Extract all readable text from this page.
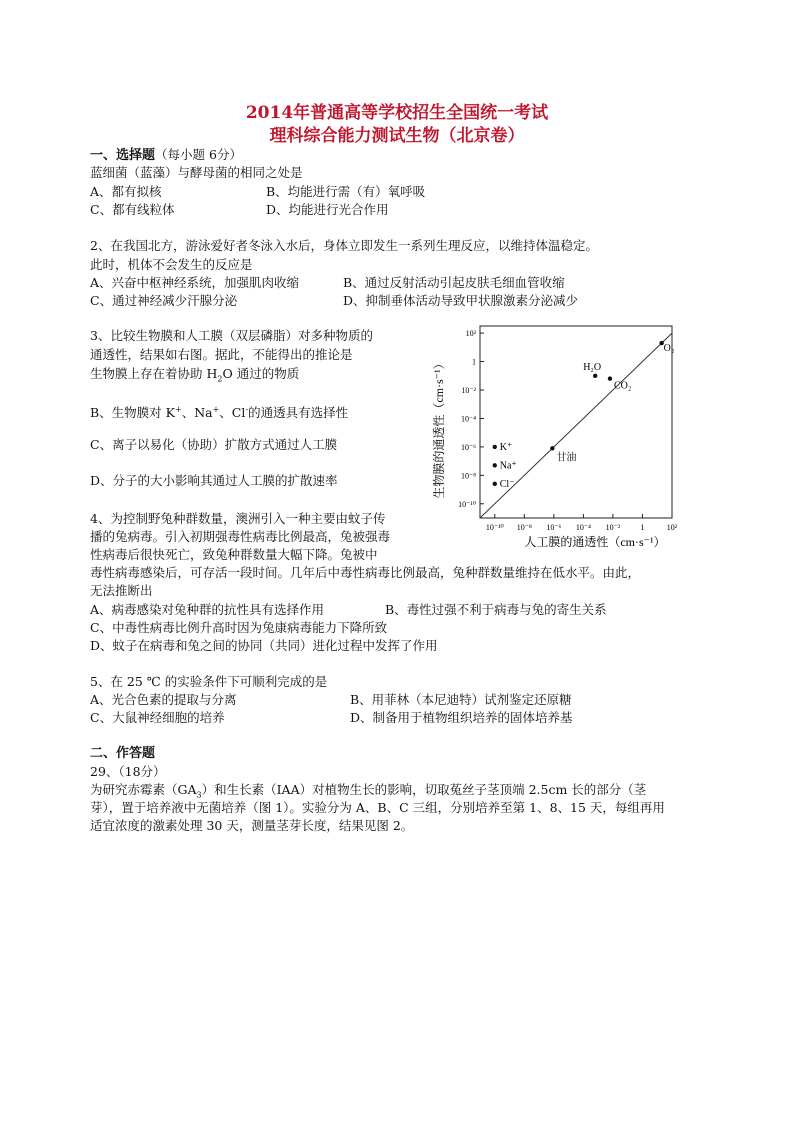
2014年普通高等学校招生全国统一考试
理科综合能力测试生物（北京卷）
一、选择题（每小题 6分）
蓝细菌（蓝藻）与酵母菌的相同之处是
A、都有拟核	B、均能进行需（有）氧呼吸
C、都有线粒体	D、均能进行光合作用
2、在我国北方，游泳爱好者冬泳入水后，身体立即发生一系列生理反应，以维持体温稳定。
此时，机体不会发生的反应是
A、兴奋中枢神经系统，加强肌肉收缩	B、通过反射活动引起皮肤毛细血管收缩
C、通过神经减少汗腺分泌	D、抑制垂体活动导致甲状腺激素分泌减少
3、比较生物膜和人工膜（双层磷脂）对多种物质的
通透性，结果如右图。据此，不能得出的推论是
生物膜上存在着协助 $H_2O$ 通过的物质
B、生物膜对 K+、Na+、Cl-的通透具有选择性
C、离子以易化（协助）扩散方式通过人工膜
D、分子的大小影响其通过人工膜的扩散速率
10⁻¹⁰ 10⁻⁸ 10⁻⁶ 10⁻⁴ 10⁻²	1	10²
10²
1
10⁻²
10⁻⁴
10⁻⁶
10⁻⁸
10⁻¹⁰
O₂
H₂O
CO₂
甘油
K⁺
Na⁺
Cl⁻
人工膜的通透性（cm·s⁻¹）
生物膜的通透性（cm·s⁻¹）
4、为控制野兔种群数量，澳洲引入一种主要由蚊子传
播的兔病毒。引入初期强毒性病毒比例最高，兔被强毒
性病毒后很快死亡，致兔种群数量大幅下降。兔被中
毒性病毒感染后，可存活一段时间。几年后中毒性病毒比例最高，兔种群数量维持在低水平。由此，
无法推断出
A、病毒感染对兔种群的抗性具有选择作用	B、毒性过强不利于病毒与兔的寄生关系
C、中毒性病毒比例升高时因为兔康病毒能力下降所致
D、蚊子在病毒和兔之间的协同（共同）进化过程中发挥了作用
5、在 25 ℃ 的实验条件下可顺利完成的是
A、光合色素的提取与分离	B、用菲林（本尼迪特）试剂鉴定还原糖
C、大鼠神经细胞的培养	D、制备用于植物组织培养的固体培养基
二、作答题
29、（18分）
为研究赤霉素$(GA_3)$和生长素（IAA）对植物生长的影响，切取菟丝子茎顶端 2.5cm 长的部分（茎
芽），置于培养液中无菌培养（图 1）。实验分为 A、B、C 三组，分别培养至第 1、8、15 天，每组再用
适宜浓度的激素处理 30 天，测量茎芽长度，结果见图 2。
